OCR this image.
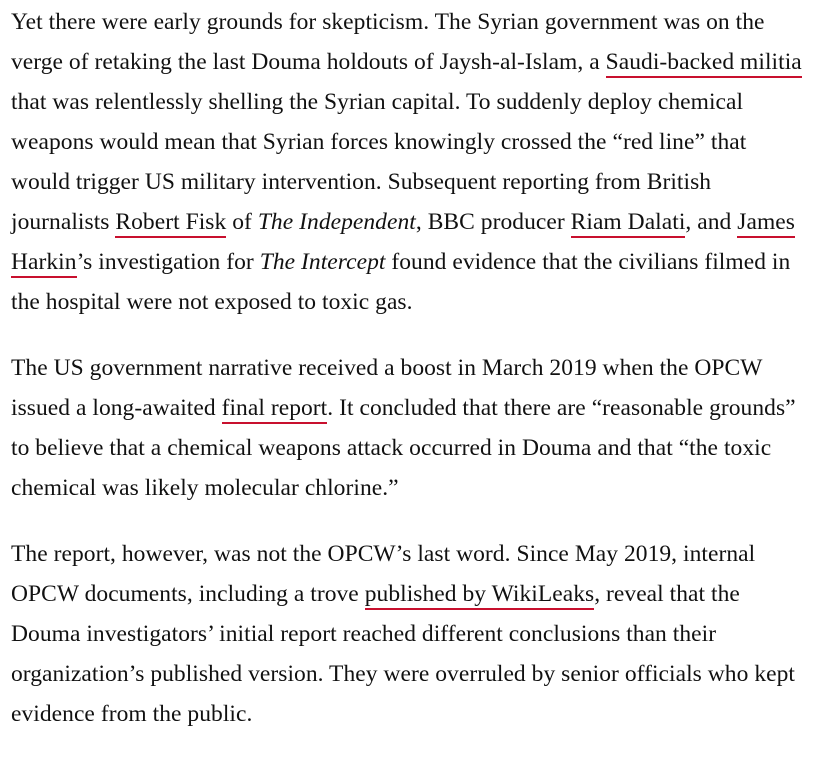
Yet there were early grounds for skepticism. The Syrian government was on the verge of retaking the last Douma holdouts of Jaysh-al-Islam, a Saudi-backed militia that was relentlessly shelling the Syrian capital. To suddenly deploy chemical weapons would mean that Syrian forces knowingly crossed the “red line” that would trigger US military intervention. Subsequent reporting from British journalists Robert Fisk of The Independent, BBC producer Riam Dalati, and James Harkin’s investigation for The Intercept found evidence that the civilians filmed in the hospital were not exposed to toxic gas.

The US government narrative received a boost in March 2019 when the OPCW issued a long-awaited final report. It concluded that there are “reasonable grounds” to believe that a chemical weapons attack occurred in Douma and that “the toxic chemical was likely molecular chlorine.”

The report, however, was not the OPCW’s last word. Since May 2019, internal OPCW documents, including a trove published by WikiLeaks, reveal that the Douma investigators’ initial report reached different conclusions than their organization’s published version. They were overruled by senior officials who kept evidence from the public.
